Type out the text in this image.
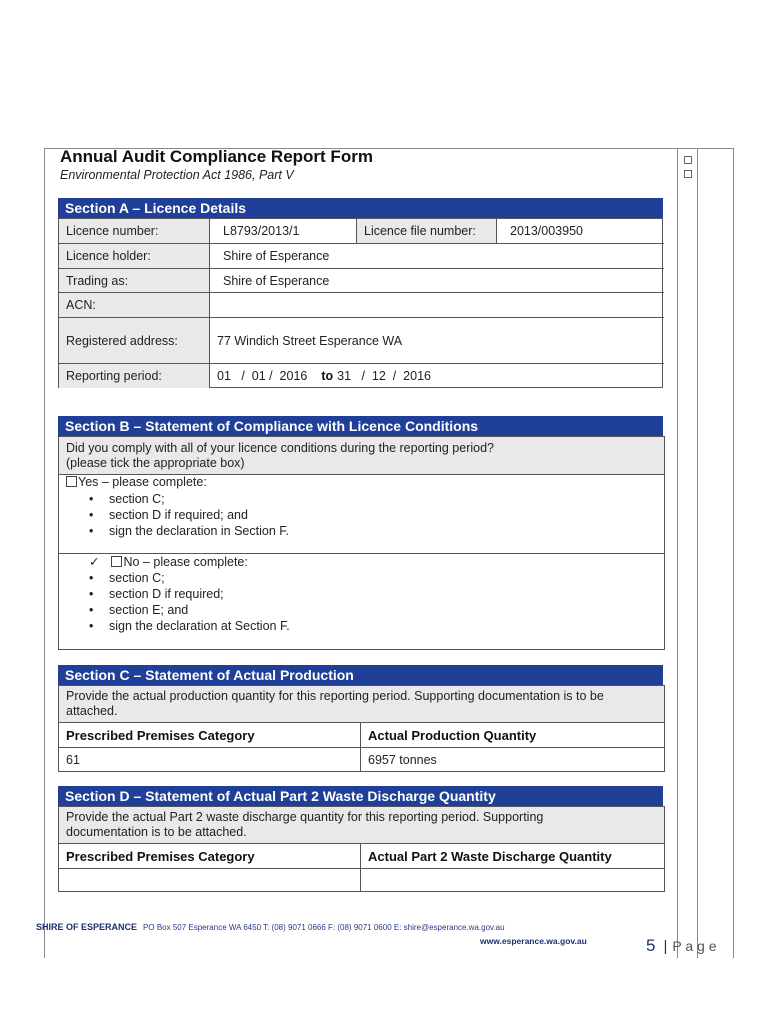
Annual Audit Compliance Report Form
Environmental Protection Act 1986, Part V
Section A – Licence Details
Licence number:	L8793/2013/1	Licence file number:	2013/003950
Licence holder:	Shire of Esperance
Trading as:	Shire of Esperance
ACN:
Registered address:	77 Windich Street Esperance WA
Reporting period:	01   /  01 /  2016 to 31   /  12  /  2016
Section B – Statement of Compliance with Licence Conditions
Did you comply with all of your licence conditions during the reporting period?
(please tick the appropriate box)
Yes – please complete:
• section C;
• section D if required; and
• sign the declaration in Section F.
✓ No – please complete:
• section C;
• section D if required;
• section E; and
• sign the declaration at Section F.
Section C – Statement of Actual Production
Provide the actual production quantity for this reporting period. Supporting documentation is to be attached.
Prescribed Premises Category	Actual Production Quantity
61	6957 tonnes
Section D – Statement of Actual Part 2 Waste Discharge Quantity
Provide the actual Part 2 waste discharge quantity for this reporting period. Supporting documentation is to be attached.
Prescribed Premises Category	Actual Part 2 Waste Discharge Quantity
SHIRE OF ESPERANCE PO Box 507 Esperance WA 6450 T: (08) 9071 0666 F: (08) 9071 0600 E: shire@esperance.wa.gov.au
www.esperance.wa.gov.au	5 | P a g e
